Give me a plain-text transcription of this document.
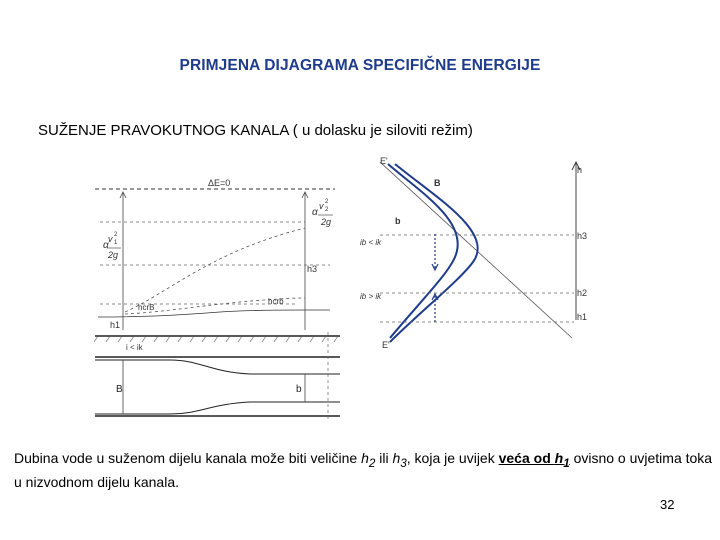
PRIMJENA DIJAGRAMA SPECIFIČNE ENERGIJE
SUŽENJE PRAVOKUTNOG KANALA ( u dolasku je siloviti režim)
ΔE=0
α
v 2
1
2g
α
v 2
2
2g
h3
hcrB
hcrb
h1
i < ik
B	b
h
E'
E'
B
b
h3
h2
h1
ib < ik
ib > ik
Dubina vode u suženom dijelu kanala može biti veličine $h_2$ ili $h_3$, koja je uvijek veća od $h_1$ ovisno o uvjetima toka u nizvodnom dijelu kanala.
32
